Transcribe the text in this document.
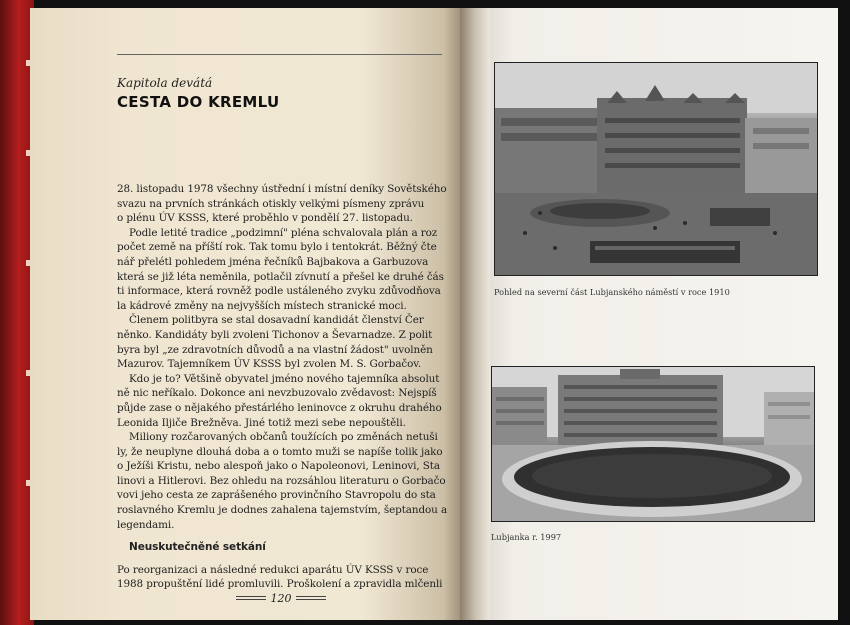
Kapitola devátá
CESTA DO KREMLU
28. listopadu 1978 všechny ústřední i místní deníky Sovětského
svazu na prvních stránkách otiskly velkými písmeny zprávu
o plénu ÚV KSSS, které proběhlo v pondělí 27. listopadu.
Podle letité tradice „podzimní" pléna schvalovala plán a roz
počet země na příští rok. Tak tomu bylo i tentokrát. Běžný čte
nář přelétl pohledem jména řečníků Bajbakova a Garbuzova
která se již léta neměnila, potlačil zívnutí a přešel ke druhé čás
ti informace, která rovněž podle ustáleného zvyku zdůvodňova
la kádrové změny na nejvyšších místech stranické moci.
Členem politbyra se stal dosavadní kandidát členství Čer
něnko. Kandidáty byli zvoleni Tichonov a Ševarnadze. Z polit
byra byl „ze zdravotních důvodů a na vlastní žádost" uvolněn
Mazurov. Tajemníkem ÚV KSSS byl zvolen M. S. Gorbačov.
Kdo je to? Většině obyvatel jméno nového tajemníka absolut
ně nic neříkalo. Dokonce ani nevzbuzovalo zvědavost: Nejspíš
půjde zase o nějakého přestárlého leninovce z okruhu drahého
Leonida Iljiče Brežněva. Jiné totiž mezi sebe nepouštěli.
Miliony rozčarovaných občanů toužících po změnách netuši
ly, že neuplyne dlouhá doba a o tomto muži se napíše tolik jako
o Ježíši Kristu, nebo alespoň jako o Napoleonovi, Leninovi, Sta
linovi a Hitlerovi. Bez ohledu na rozsáhlou literaturu o Gorbačo
vovi jeho cesta ze zaprášeného provinčního Stavropolu do sta
roslavného Kremlu je dodnes zahalena tajemstvím, šeptandou a
legendami.
Neuskutečněné setkání
Po reorganizaci a následné redukci aparátu ÚV KSSS v roce
1988 propuštění lidé promluvili. Proškolení a zpravidla mlčenli
120
Pohled na severní část Lubjanského náměstí v roce 1910
Lubjanka r. 1997
